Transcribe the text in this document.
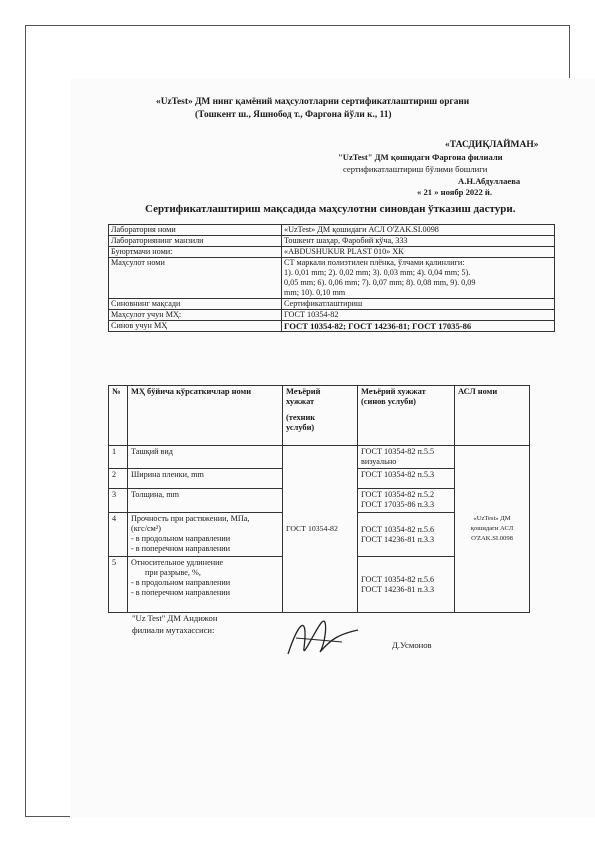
«UzTest» ДМ нинг қамёний маҳсулотларни сертификатлаштириш органи
(Тошкент ш., Яшнобод т., Фаргона йўли к., 11)
«ТАСДИҚЛАЙМАН»
"UzTest" ДМ қошидаги Фаргона филиали
сертификатлаштириш бўлими бошлиги
А.Н.Абдуллаева
« 21 » ноябр 2022 й.
Сертификатлаштириш мақсадида маҳсулотни синовдан ўтказиш дастури.
Лаборатория номи	«UzTest» ДМ қошидаги АСЛ O'ZAK.SI.0098
Лабораториянинг манзили	Тошкент шаҳар, Фаробий кўча, 333
Буюртмачи номи:	«ABDUSHUKUR PLAST 010» ХК
Маҳсулот номи	СТ маркали полиэтилен плёнка, ўлчами қалинлиги:
1). 0,01 mm; 2). 0,02 mm; 3). 0,03 mm; 4). 0,04 mm; 5).
0,05 mm; 6). 0,06 mm; 7). 0,07 mm; 8). 0,08 mm, 9). 0,09
mm; 10). 0,10 mm

Синовнинг мақсади	Сертификатлаштириш
Маҳсулот учун МҲ:	ГОСТ 10354-82
Синов учун МҲ	ГОСТ 10354-82; ГОСТ 14236-81; ГОСТ 17035-86
№	МҲ бўйича кўрсаткичлар номи	Меъёрий
хужжат
(техник
услуби)	Меъёрий хужжат
(синов услуби)	АСЛ номи
1	Ташқий вид	ГОСТ 10354-82	ГОСТ 10354-82 п.5.5
визуально	«UzTest» ДМ
қошидаги АСЛ
O'ZAK.SI.0098

2	Ширина пленки, mm		ГОСТ 10354-82 п.5.3	

3	Толщина, mm		ГОСТ 10354-82 п.5.2
ГОСТ 17035-86 п.3.3	

4	Прочность при растяжении, МПа,
(кгс/см²)
- в продольном направлении
- в поперечном направлении		ГОСТ 10354-82 п.5.6
ГОСТ 14236-81 п.3.3	

5	Относительное удлинение
при разрыве, %,
- в продольном направлении
- в поперечном направлении		ГОСТ 10354-82 п.5.6
ГОСТ 14236-81 п.3.3	
"Uz Test" ДМ Андижон
филиали мутахассиси:
Д.Усмонов
